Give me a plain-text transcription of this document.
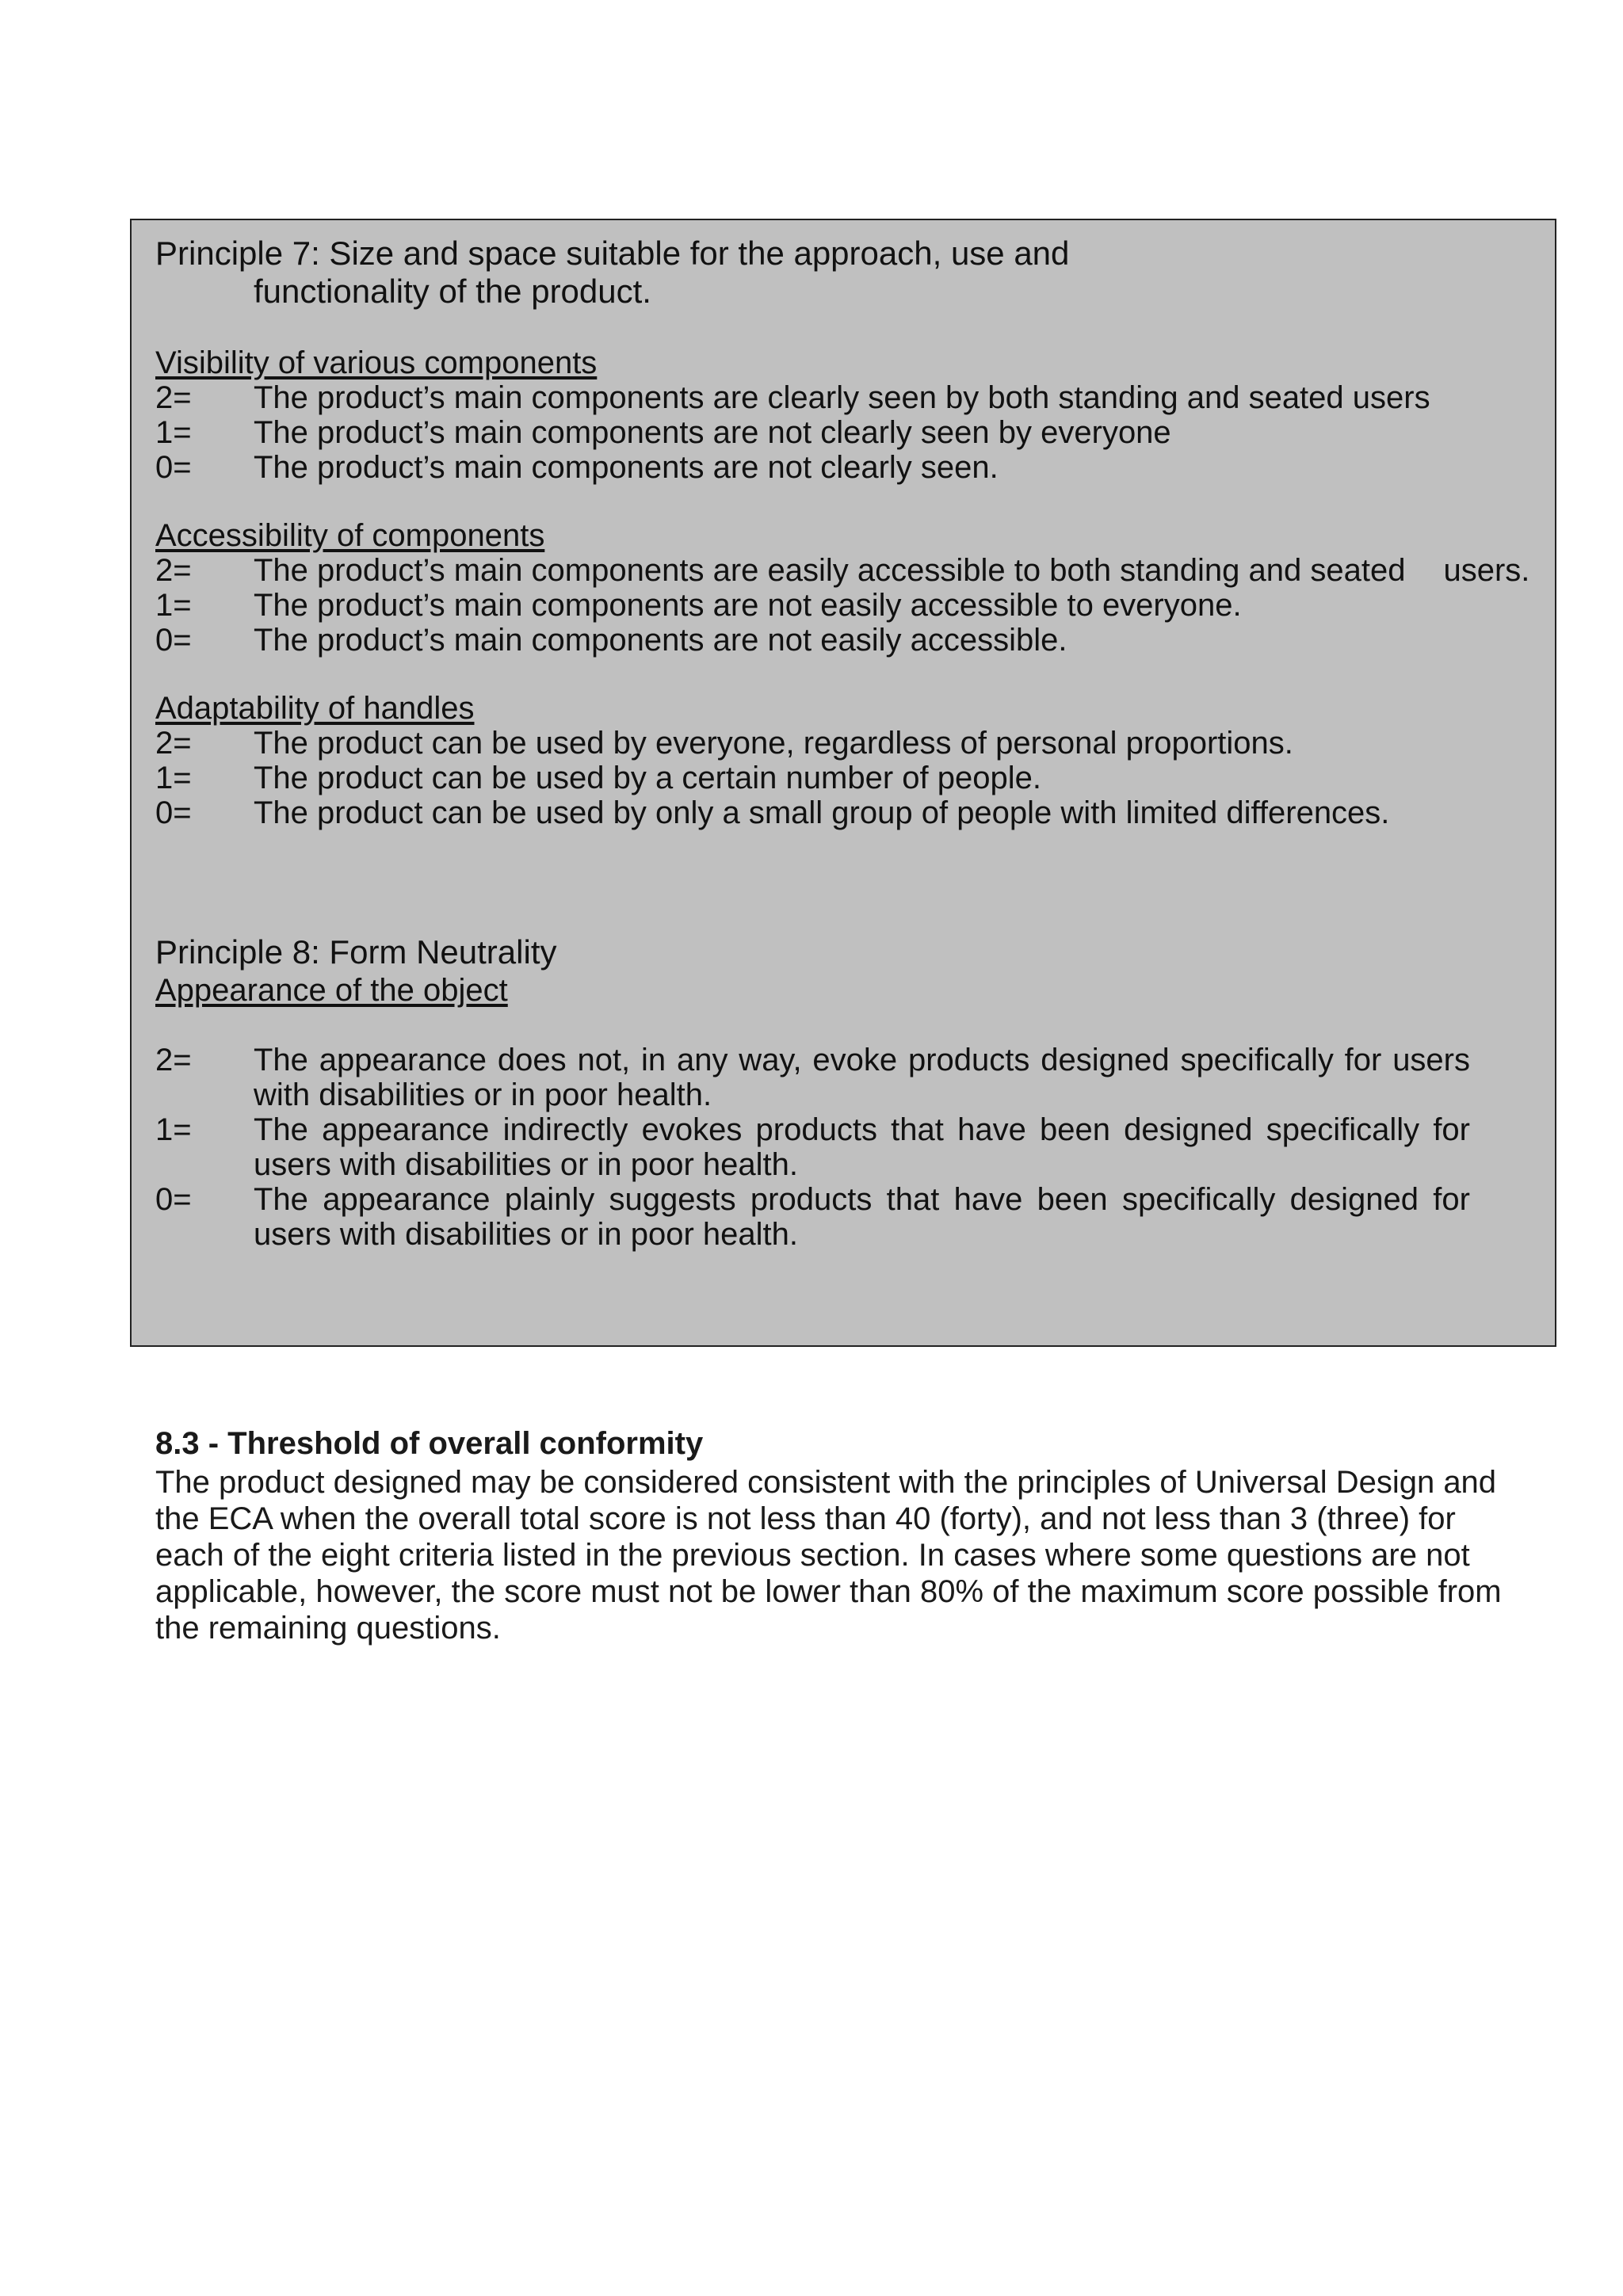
Principle 7: Size and space suitable for the approach, use and
functionality of the product.
Visibility of various components
2= The product’s main components are clearly seen by both standing and seated users
1= The product’s main components are not clearly seen by everyone
0= The product’s main components are not clearly seen.
Accessibility of components
2= The product’s main components are easily accessible to both standing and seated users.
1= The product’s main components are not easily accessible to everyone.
0= The product’s main components are not easily accessible.
Adaptability of handles
2= The product can be used by everyone, regardless of personal proportions.
1= The product can be used by a certain number of people.
0= The product can be used by only a small group of people with limited differences.
Principle 8: Form Neutrality
Appearance of the object
2= The appearance does not, in any way, evoke products designed specifically for users with disabilities or in poor health.
1= The appearance indirectly evokes products that have been designed specifically for users with disabilities or in poor health.
0= The appearance plainly suggests products that have been specifically designed for users with disabilities or in poor health.
8.3 - Threshold of overall conformity
The product designed may be considered consistent with the principles of Universal Design and the ECA when the overall total score is not less than 40 (forty), and not less than 3 (three) for each of the eight criteria listed in the previous section. In cases where some questions are not applicable, however, the score must not be lower than 80% of the maximum score possible from the remaining questions.
